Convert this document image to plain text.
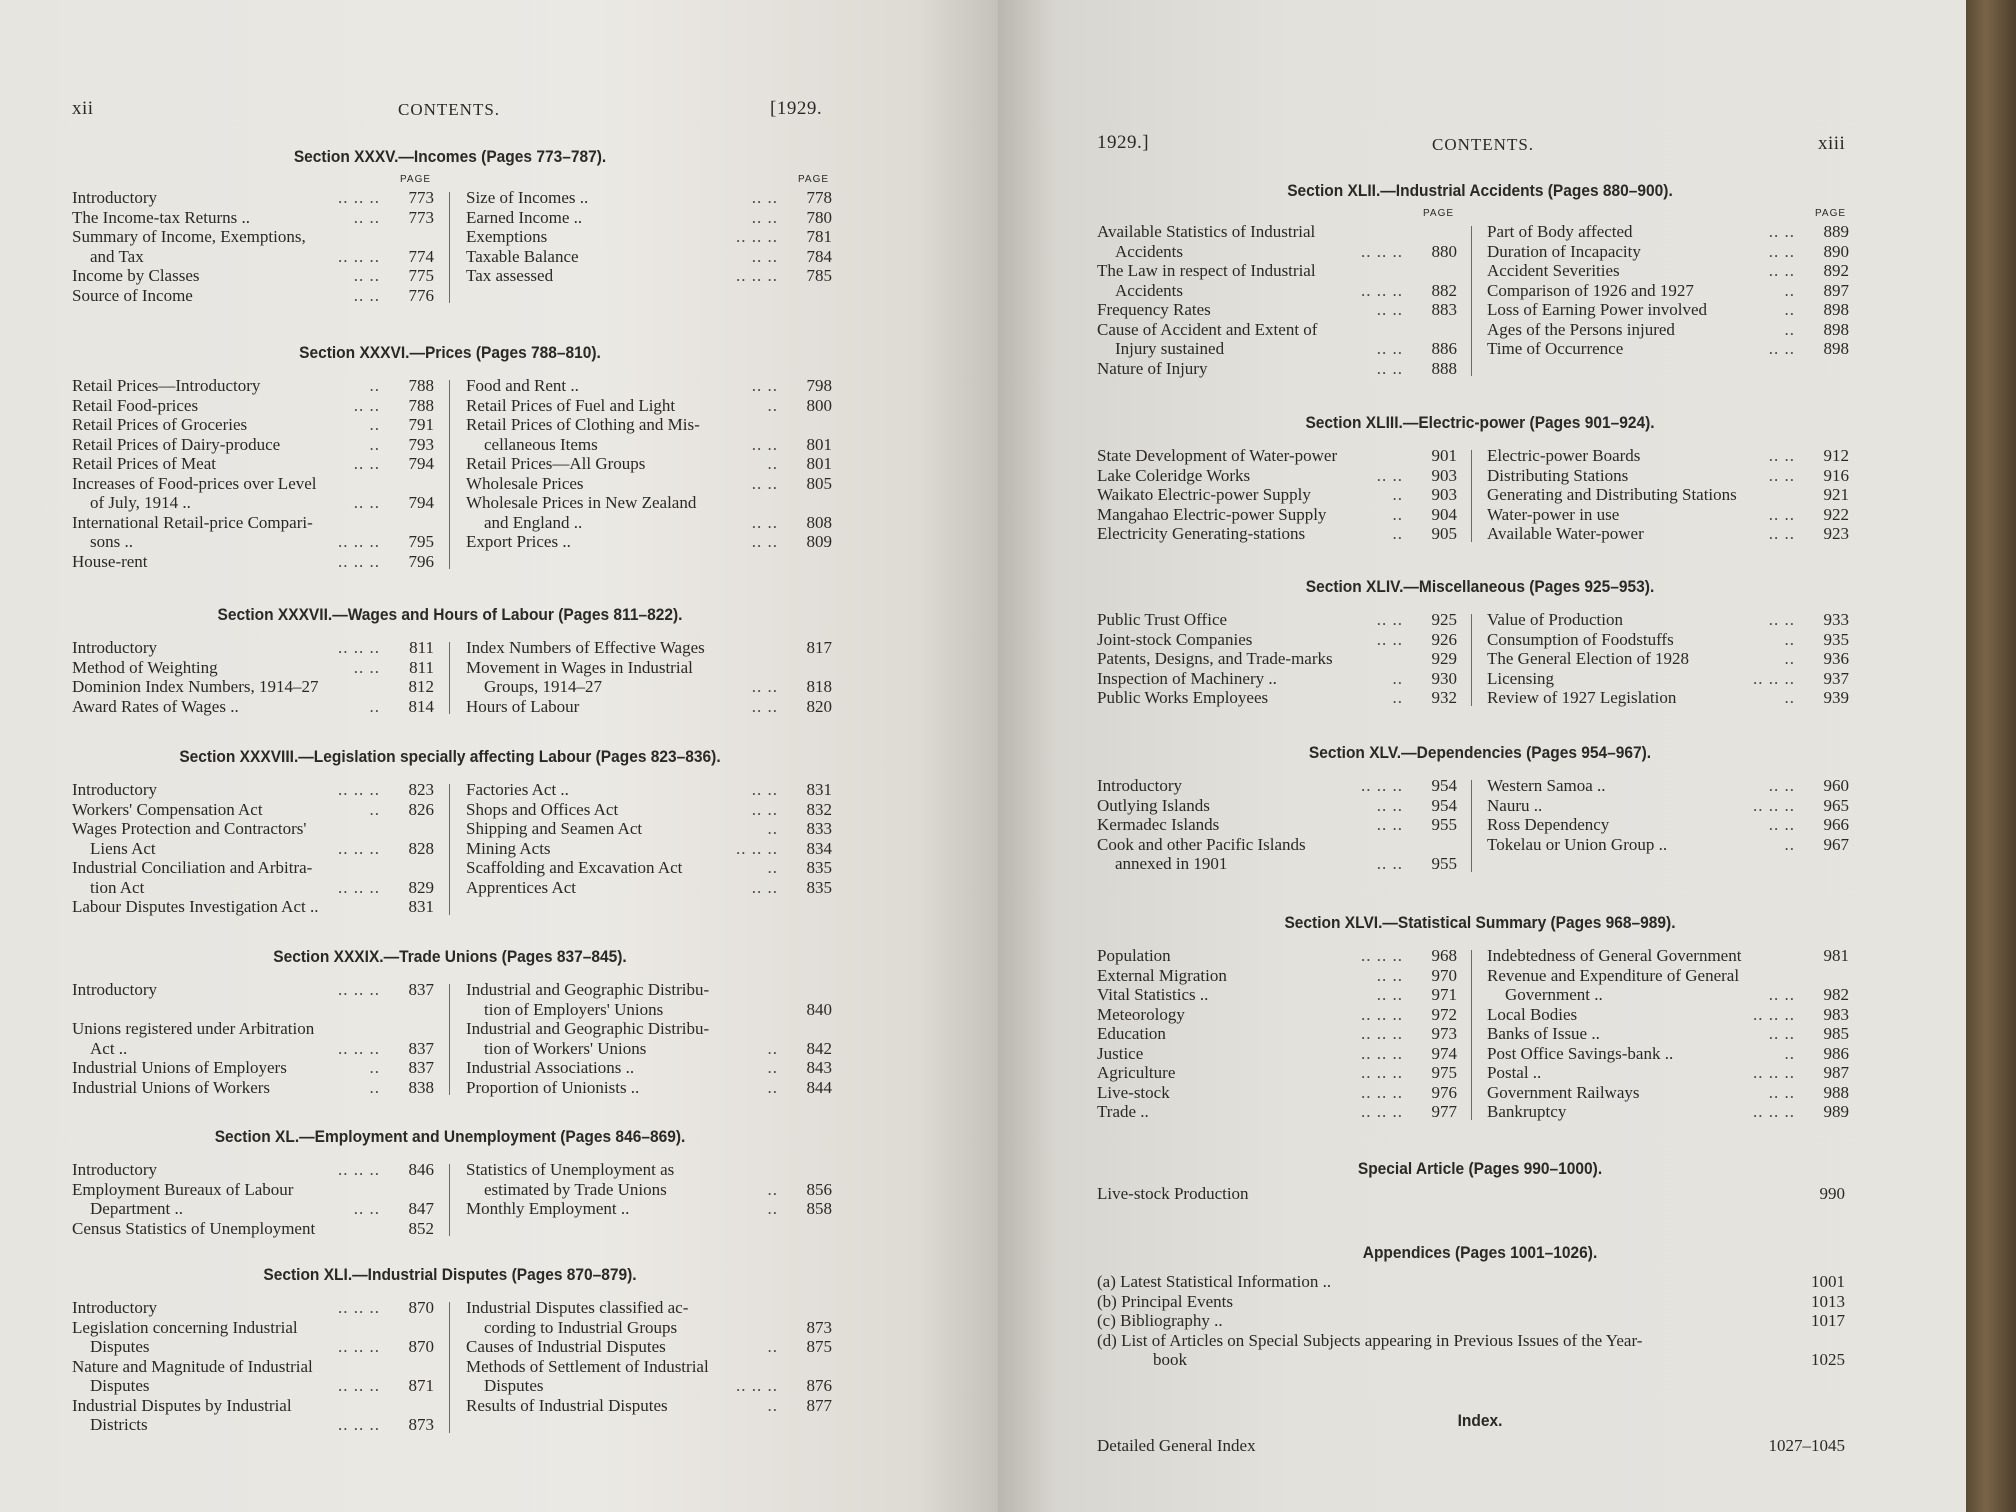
xii	CONTENTS.	[1929.
Section XXXV.—Incomes (Pages 773–787).
PAGE	PAGE
Introductory	.. .. .. 773
The Income-tax Returns ..	.. .. 773
Summary of Income, Exemptions,
and Tax	.. .. .. 774
Income by Classes	.. .. 775
Source of Income	.. .. 776
Size of Incomes ..	.. .. 778
Earned Income ..	.. .. 780
Exemptions	.. .. .. 781
Taxable Balance	.. .. 784
Tax assessed	.. .. .. 785
Section XXXVI.—Prices (Pages 788–810).
Retail Prices—Introductory	.. 788
Retail Food-prices	.. .. 788
Retail Prices of Groceries	.. 791
Retail Prices of Dairy-produce	.. 793
Retail Prices of Meat	.. .. 794
Increases of Food-prices over Level
of July, 1914 ..	.. .. 794
International Retail-price Compari-
sons ..	.. .. .. 795
House-rent	.. .. .. 796
Food and Rent ..	.. .. 798
Retail Prices of Fuel and Light	.. 800
Retail Prices of Clothing and Mis-
cellaneous Items	.. .. 801
Retail Prices—All Groups	.. 801
Wholesale Prices	.. .. 805
Wholesale Prices in New Zealand
and England ..	.. .. 808
Export Prices ..	.. .. 809
Section XXXVII.—Wages and Hours of Labour (Pages 811–822).
Introductory	.. .. .. 811
Method of Weighting	.. .. 811
Dominion Index Numbers, 1914–27	812
Award Rates of Wages ..	.. 814
Index Numbers of Effective Wages	817
Movement in Wages in Industrial
Groups, 1914–27	.. .. 818
Hours of Labour	.. .. 820
Section XXXVIII.—Legislation specially affecting Labour (Pages 823–836).
Introductory	.. .. .. 823
Workers' Compensation Act	.. 826
Wages Protection and Contractors'
Liens Act	.. .. .. 828
Industrial Conciliation and Arbitra-
tion Act	.. .. .. 829
Labour Disputes Investigation Act ..	831
Factories Act ..	.. .. 831
Shops and Offices Act	.. .. 832
Shipping and Seamen Act	.. 833
Mining Acts	.. .. .. 834
Scaffolding and Excavation Act	.. 835
Apprentices Act	.. .. 835
Section XXXIX.—Trade Unions (Pages 837–845).
Introductory	.. .. .. 837
Unions registered under Arbitration
Act ..	.. .. .. 837
Industrial Unions of Employers	.. 837
Industrial Unions of Workers	.. 838
Industrial and Geographic Distribu-
tion of Employers' Unions	840
Industrial and Geographic Distribu-
tion of Workers' Unions	.. 842
Industrial Associations ..	.. 843
Proportion of Unionists ..	.. 844
Section XL.—Employment and Unemployment (Pages 846–869).
Introductory	.. .. .. 846
Employment Bureaux of Labour
Department ..	.. .. 847
Census Statistics of Unemployment	852
Statistics of Unemployment as
estimated by Trade Unions	.. 856
Monthly Employment ..	.. 858
Section XLI.—Industrial Disputes (Pages 870–879).
Introductory	.. .. .. 870
Legislation concerning Industrial
Disputes	.. .. .. 870
Nature and Magnitude of Industrial
Disputes	.. .. .. 871
Industrial Disputes by Industrial
Districts	.. .. .. 873
Industrial Disputes classified ac-
cording to Industrial Groups	873
Causes of Industrial Disputes	.. 875
Methods of Settlement of Industrial
Disputes	.. .. .. 876
Results of Industrial Disputes	.. 877
1929.]	CONTENTS.	xiii
Section XLII.—Industrial Accidents (Pages 880–900).
PAGE	PAGE
Available Statistics of Industrial
Accidents	.. .. .. 880
The Law in respect of Industrial
Accidents	.. .. .. 882
Frequency Rates	.. .. 883
Cause of Accident and Extent of
Injury sustained	.. .. 886
Nature of Injury	.. .. 888
Part of Body affected	.. .. 889
Duration of Incapacity	.. .. 890
Accident Severities	.. .. 892
Comparison of 1926 and 1927	.. 897
Loss of Earning Power involved	.. 898
Ages of the Persons injured	.. 898
Time of Occurrence	.. .. 898
Section XLIII.—Electric-power (Pages 901–924).
State Development of Water-power	901
Lake Coleridge Works	.. .. 903
Waikato Electric-power Supply	.. 903
Mangahao Electric-power Supply	.. 904
Electricity Generating-stations	.. 905
Electric-power Boards	.. .. 912
Distributing Stations	.. .. 916
Generating and Distributing Stations	921
Water-power in use	.. .. 922
Available Water-power	.. .. 923
Section XLIV.—Miscellaneous (Pages 925–953).
Public Trust Office	.. .. 925
Joint-stock Companies	.. .. 926
Patents, Designs, and Trade-marks	929
Inspection of Machinery ..	.. 930
Public Works Employees	.. 932
Value of Production	.. .. 933
Consumption of Foodstuffs	.. 935
The General Election of 1928	.. 936
Licensing	.. .. .. 937
Review of 1927 Legislation	.. 939
Section XLV.—Dependencies (Pages 954–967).
Introductory	.. .. .. 954
Outlying Islands	.. .. 954
Kermadec Islands	.. .. 955
Cook and other Pacific Islands
annexed in 1901	.. .. 955
Western Samoa ..	.. .. 960
Nauru ..	.. .. .. 965
Ross Dependency	.. .. 966
Tokelau or Union Group ..	.. 967
Section XLVI.—Statistical Summary (Pages 968–989).
Population	.. .. .. 968
External Migration	.. .. 970
Vital Statistics ..	.. .. 971
Meteorology	.. .. .. 972
Education	.. .. .. 973
Justice	.. .. .. 974
Agriculture	.. .. .. 975
Live-stock	.. .. .. 976
Trade ..	.. .. .. 977
Indebtedness of General Government	981
Revenue and Expenditure of General
Government ..	.. .. 982
Local Bodies	.. .. .. 983
Banks of Issue ..	.. .. 985
Post Office Savings-bank ..	.. 986
Postal ..	.. .. .. 987
Government Railways	.. .. 988
Bankruptcy	.. .. .. 989
Special Article (Pages 990–1000).
Live-stock Production	990
Appendices (Pages 1001–1026).
(a) Latest Statistical Information ..	1001
(b) Principal Events	1013
(c) Bibliography ..	1017
(d) List of Articles on Special Subjects appearing in Previous Issues of the Year-
book	1025
Index.
Detailed General Index	1027–1045
